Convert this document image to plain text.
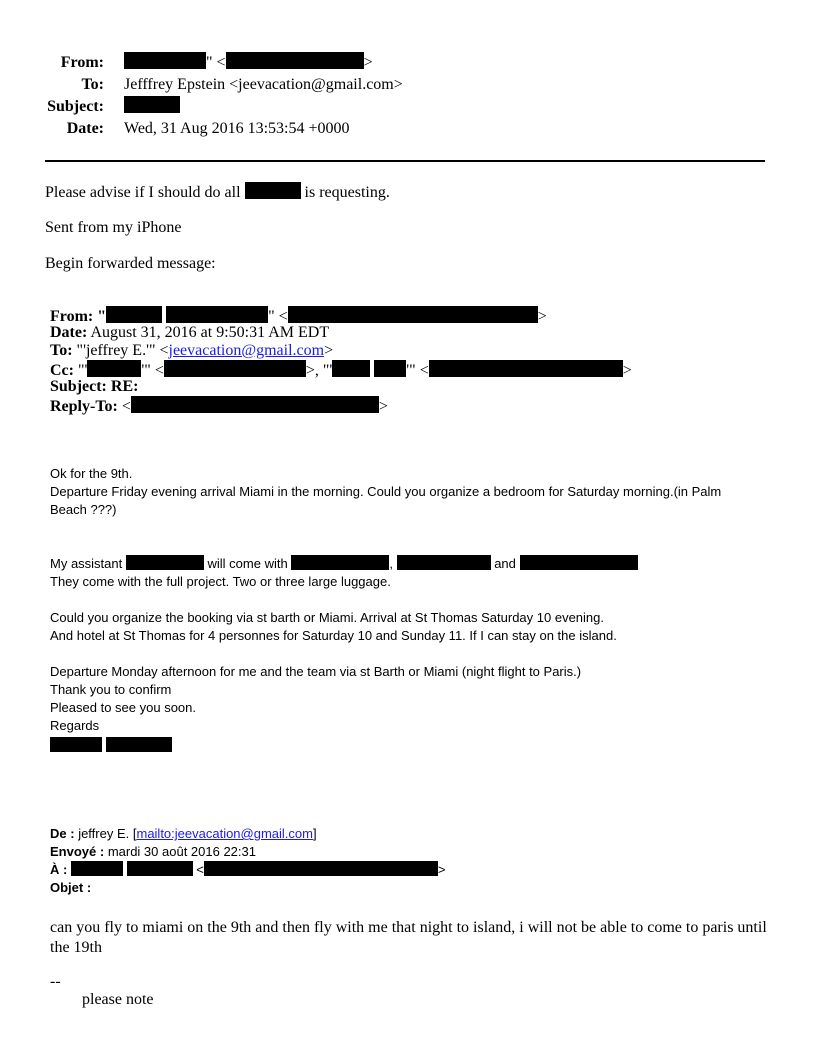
From:	" <	>
To: Jefffrey Epstein <jeevacation@gmail.com>
Subject:
Date: Wed, 31 Aug 2016 13:53:54 +0000
Please advise if I should do all	is requesting.
Sent from my iPhone
Begin forwarded message:
From: "	" <	>
Date: August 31, 2016 at 9:50:31 AM EDT
To: "'jeffrey E.'" <jeevacation@gmail.com>
Cc: "'	'" <	>, "'	'" <	>
Subject: RE:
Reply-To: <	>
Ok for the 9th.
Departure Friday evening arrival Miami in the morning. Could you organize a bedroom for Saturday morning.(in Palm
Beach ???)
My assistant	will come with	,	and
They come with the full project. Two or three large luggage.
Could you organize the booking via st barth or Miami. Arrival at St Thomas Saturday 10 evening.
And hotel at St Thomas for 4 personnes for Saturday 10 and Sunday 11. If I can stay on the island.
Departure Monday afternoon for me and the team via st Barth or Miami (night flight to Paris.)
Thank you to confirm
Pleased to see you soon.
Regards

De : jeffrey E. [mailto:jeevacation@gmail.com]
Envoyé : mardi 30 août 2016 22:31
À :	<	>
Objet :
can you fly to miami on the 9th and then fly with me that night to island, i will not be able to come to paris until the 19th
--
please note
